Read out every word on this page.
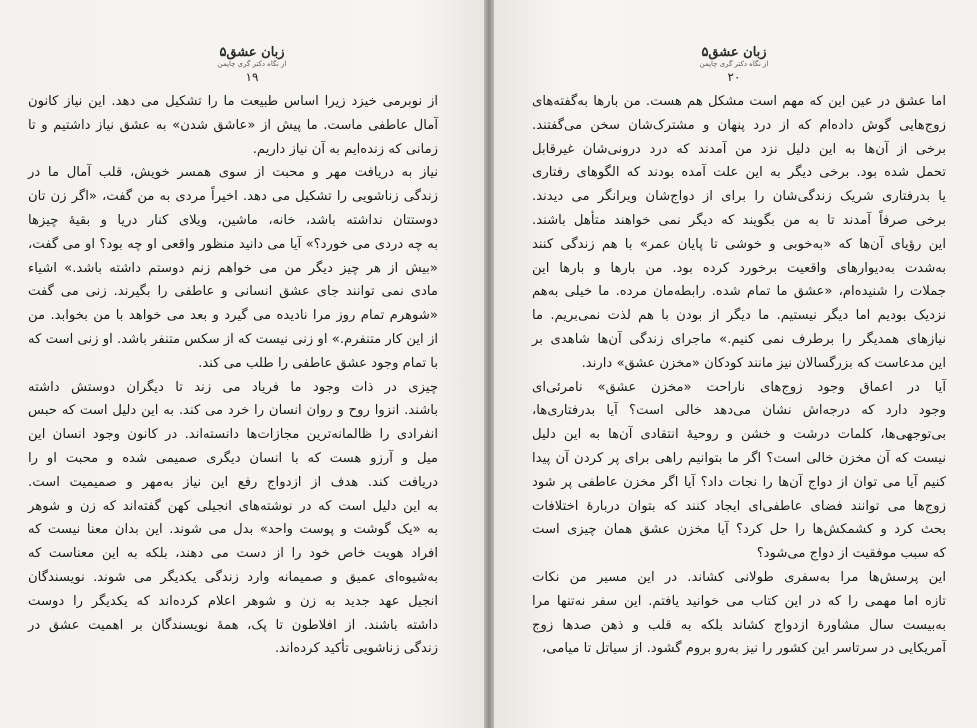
۵زبان عشق
از نگاه دکتر گری چاپمن
۱۹
از نوبرمی خیزد زیرا اساس طبیعت ما را تشکیل می دهد. این نیاز کانون
آمال عاطفی ماست. ما پیش از «عاشق شدن» به عشق نیاز داشتیم و تا
زمانی که زنده‌ایم به آن نیاز داریم.
نیاز به دریافت مهر و محبت از سوی همسر خویش، قلب آمال ما در
زندگی زناشویی را تشکیل می دهد. اخیراً مردی به من گفت، «اگر زن تان
دوستتان نداشته باشد، خانه، ماشین، ویلای کنار دریا و بقیهٔ چیزها
به چه دردی می خورد؟» آیا می دانید منظور واقعی او چه بود؟ او می گفت،
«بیش از هر چیز دیگر من می خواهم زنم دوستم داشته باشد.» اشیاء
مادی نمی توانند جای عشق انسانی و عاطفی را بگیرند. زنی می گفت
«شوهرم تمام روز مرا نادیده می گیرد و بعد می خواهد با من بخوابد. من
از این کار متنفرم.» او زنی نیست که از سکس متنفر باشد. او زنی است که
با تمام وجود عشق عاطفی را طلب می کند.
چیزی در ذات وجود ما فریاد می زند تا دیگران دوستش داشته
باشند. انزوا روح و روان انسان را خرد می کند. به این دلیل است که حبس
انفرادی را ظالمانه‌ترین مجازات‌ها دانسته‌اند. در کانون وجود انسان این
میل و آرزو هست که با انسان دیگری صمیمی شده و محبت او را
دریافت کند. هدف از ازدواج رفع این نیاز به‌مهر و صمیمیت است.
به این دلیل است که در نوشته‌های انجیلی کهن گفته‌اند که زن و شوهر
به «یک گوشت و پوست واحد» بدل می شوند. این بدان معنا نیست که
افراد هویت خاص خود را از دست می دهند، بلکه به این معناست که
به‌شیوه‌ای عمیق و صمیمانه وارد زندگی یکدیگر می شوند. نویسندگان
انجیل عهد جدید به زن و شوهر اعلام کرده‌اند که یکدیگر را دوست
داشته باشند. از افلاطون تا پک، همهٔ نویسندگان بر اهمیت عشق در
زندگی زناشویی تأکید کرده‌اند.
۵زبان عشق
از نگاه دکتر گری چاپمن
۲۰
اما عشق در عین این که مهم است مشکل هم هست. من بارها به‌گفته‌های
زوج‌هایی گوش داده‌ام که از درد پنهان و مشترک‌شان سخن می‌گفتند.
برخی از آن‌ها به این دلیل نزد من آمدند که درد درونی‌شان غیرقابل
تحمل شده بود. برخی دیگر به این علت آمده بودند که الگوهای رفتاری
یا بدرفتاری شریک زندگی‌شان را برای از دواج‌شان ویرانگر می دیدند.
برخی صرفاً آمدند تا به من بگویند که دیگر نمی خواهند متأهل باشند.
این رؤیای آن‌ها که «به‌خوبی و خوشی تا پایان عمر» با هم زندگی کنند
به‌شدت به‌دیوارهای واقعیت برخورد کرده بود. من بارها و بارها این
جملات را شنیده‌ام، «عشق ما تمام شده. رابطه‌مان مرده. ما خیلی به‌هم
نزدیک بودیم اما دیگر نیستیم. ما دیگر از بودن با هم لذت نمی‌بریم. ما
نیازهای همدیگر را برطرف نمی کنیم.» ماجرای زندگی آن‌ها شاهدی بر
این مدعاست که بزرگسالان نیز مانند کودکان «مخزن عشق» دارند.
آیا در اعماق وجود زوج‌های ناراحت «مخزن عشق» نامرئی‌ای
وجود دارد که درجه‌اش نشان می‌دهد خالی است؟ آیا بدرفتاری‌ها،
بی‌توجهی‌ها، کلمات درشت و خشن و روحیهٔ انتقادی آن‌ها به این دلیل
نیست که آن مخزن خالی است؟ اگر ما بتوانیم راهی برای پر کردن آن پیدا
کنیم آیا می توان از دواج آن‌ها را نجات داد؟ آیا اگر مخزن عاطفی پر شود
زوج‌ها می توانند فضای عاطفی‌ای ایجاد کنند که بتوان دربارهٔ اختلافات
بحث کرد و کشمکش‌ها را حل کرد؟ آیا مخزن عشق همان چیزی است
که سبب موفقیت از دواج می‌شود؟
این پرسش‌ها مرا به‌سفری طولانی کشاند. در این مسیر من نکات
تازه اما مهمی را که در این کتاب می خوانید یافتم. این سفر نه‌تنها مرا
به‌بیست سال مشاورهٔ ازدواج کشاند بلکه به قلب و ذهن صدها زوج
آمریکایی در سرتاسر این کشور را نیز به‌رو بروم گشود. از سیاتل تا میامی،
